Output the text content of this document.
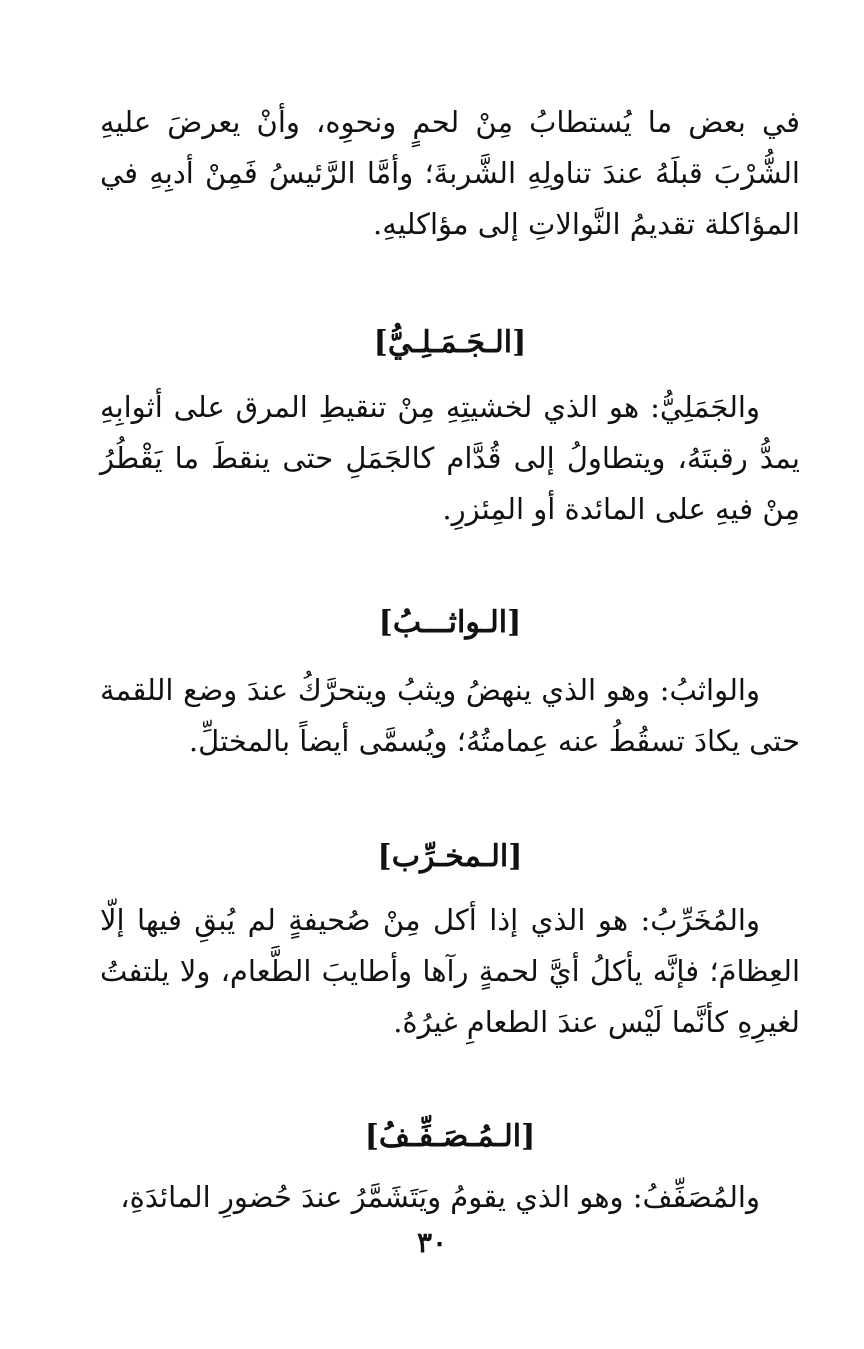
في بعض ما يُستطابُ مِنْ لحمٍ ونحوِه، وأنْ يعرضَ عليهِ الشُّرْبَ قبلَهُ عندَ تناولِهِ الشَّربةَ؛ وأمَّا الرَّئيسُ فَمِنْ أدبِهِ في المؤاكلة تقديمُ النَّوالاتِ إلى مؤاكليهِ.
[الـجَـمَـلِـيُّ]
والجَمَلِيُّ: هو الذي لخشيتِهِ مِنْ تنقيطِ المرق على أثوابِهِ يمدُّ رقبتَهُ، ويتطاولُ إلى قُدَّام كالجَمَلِ حتى ينقطَ ما يَقْطُرُ مِنْ فيهِ على المائدة أو المِئزرِ.
[الـواثـــبُ]
والواثبُ: وهو الذي ينهضُ ويثبُ ويتحرَّكُ عندَ وضع اللقمة حتى يكادَ تسقُطُ عنه عِمامتُهُ؛ ويُسمَّى أيضاً بالمختلِّ.
[الـمخـرِّب]
والمُخَرِّبُ: هو الذي إذا أكل مِنْ صُحيفةٍ لم يُبقِ فيها إلّا العِظامَ؛ فإنَّه يأكلُ أيَّ لحمةٍ رآها وأطايبَ الطَّعام، ولا يلتفتُ لغيرِهِ كأنَّما لَيْس عندَ الطعامِ غيرُهُ.
[الـمُـصَـفِّـفُ]
والمُصَفِّفُ: وهو الذي يقومُ ويَتَشَمَّرُ عندَ حُضورِ المائدَةِ،
٣٠
